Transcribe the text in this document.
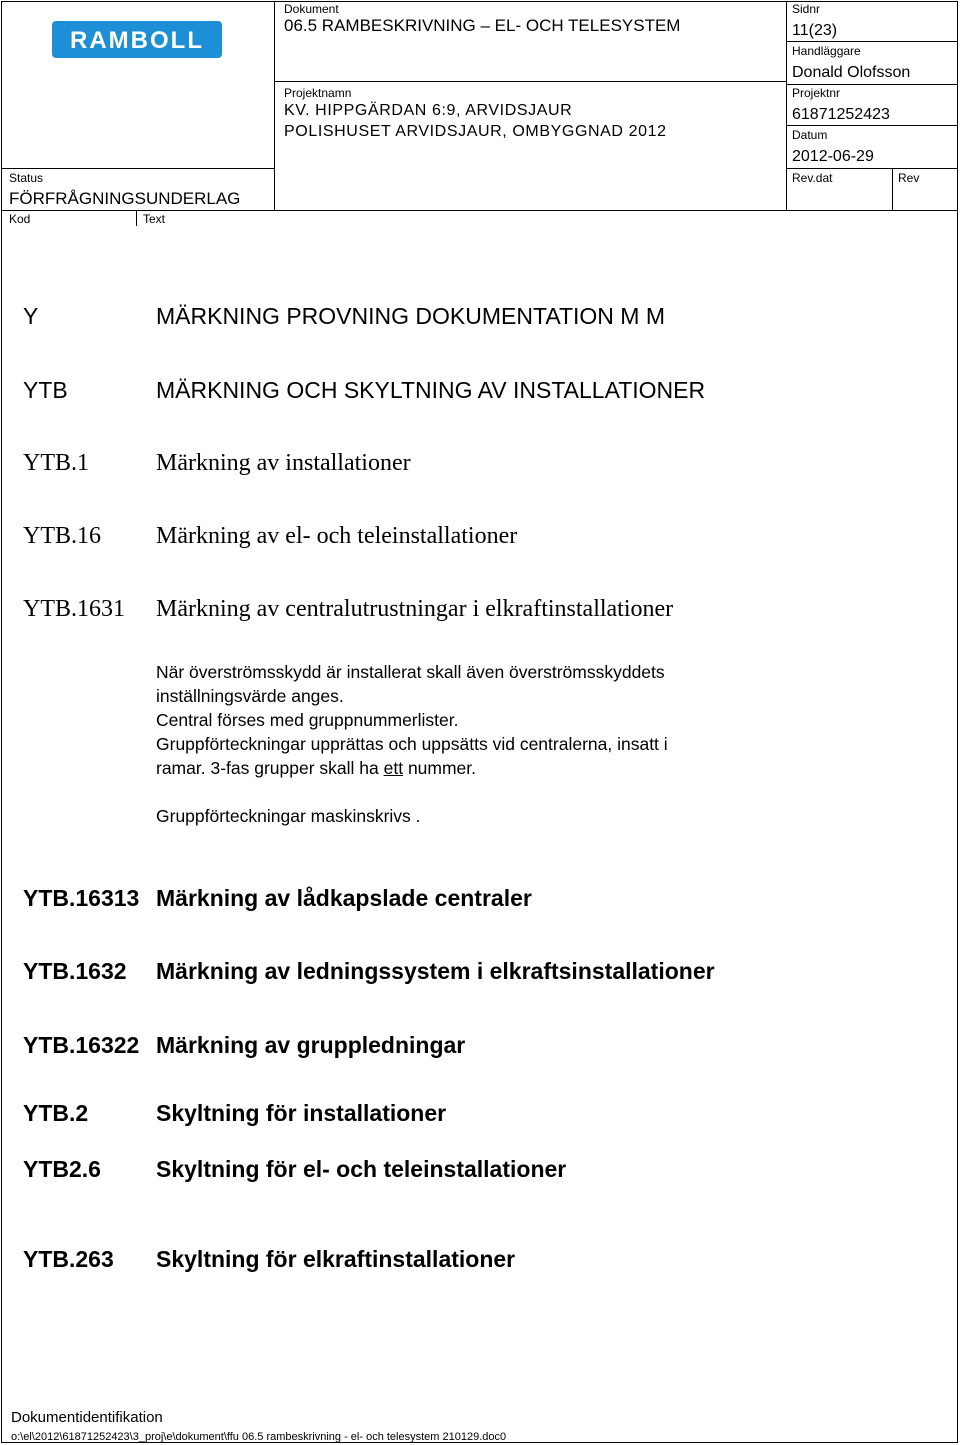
RAMBOLL
Status
FÖRFRÅGNINGSUNDERLAG
Kod	Text
Dokument
06.5 RAMBESKRIVNING – EL- OCH TELESYSTEM
Projektnamn
KV. HIPPGÄRDAN 6:9, ARVIDSJAUR
POLISHUSET ARVIDSJAUR, OMBYGGNAD 2012
Sidnr
11(23)
Handläggare
Donald Olofsson
Projektnr
61871252423
Datum
2012-06-29
Rev.dat	Rev
Y	MÄRKNING PROVNING DOKUMENTATION M M
YTB	MÄRKNING OCH SKYLTNING AV INSTALLATIONER
YTB.1	Märkning av installationer
YTB.16 Märkning av el- och teleinstallationer
YTB.1631 Märkning av centralutrustningar i elkraftinstallationer
När överströmsskydd är installerat skall även överströmsskyddets
inställningsvärde anges.
Central förses med gruppnummerlister.
Gruppförteckningar upprättas och uppsätts vid centralerna, insatt i
ramar. 3-fas grupper skall ha ett nummer.
Gruppförteckningar maskinskrivs .
YTB.16313 Märkning av lådkapslade centraler
YTB.1632 Märkning av ledningssystem i elkraftsinstallationer
YTB.16322 Märkning av gruppledningar
YTB.2	Skyltning för installationer
YTB2.6 Skyltning för el- och teleinstallationer
YTB.263 Skyltning för elkraftinstallationer
Dokumentidentifikation
o:\el\2012\61871252423\3_proj\e\dokument\ffu 06.5 rambeskrivning - el- och telesystem 210129.doc0
